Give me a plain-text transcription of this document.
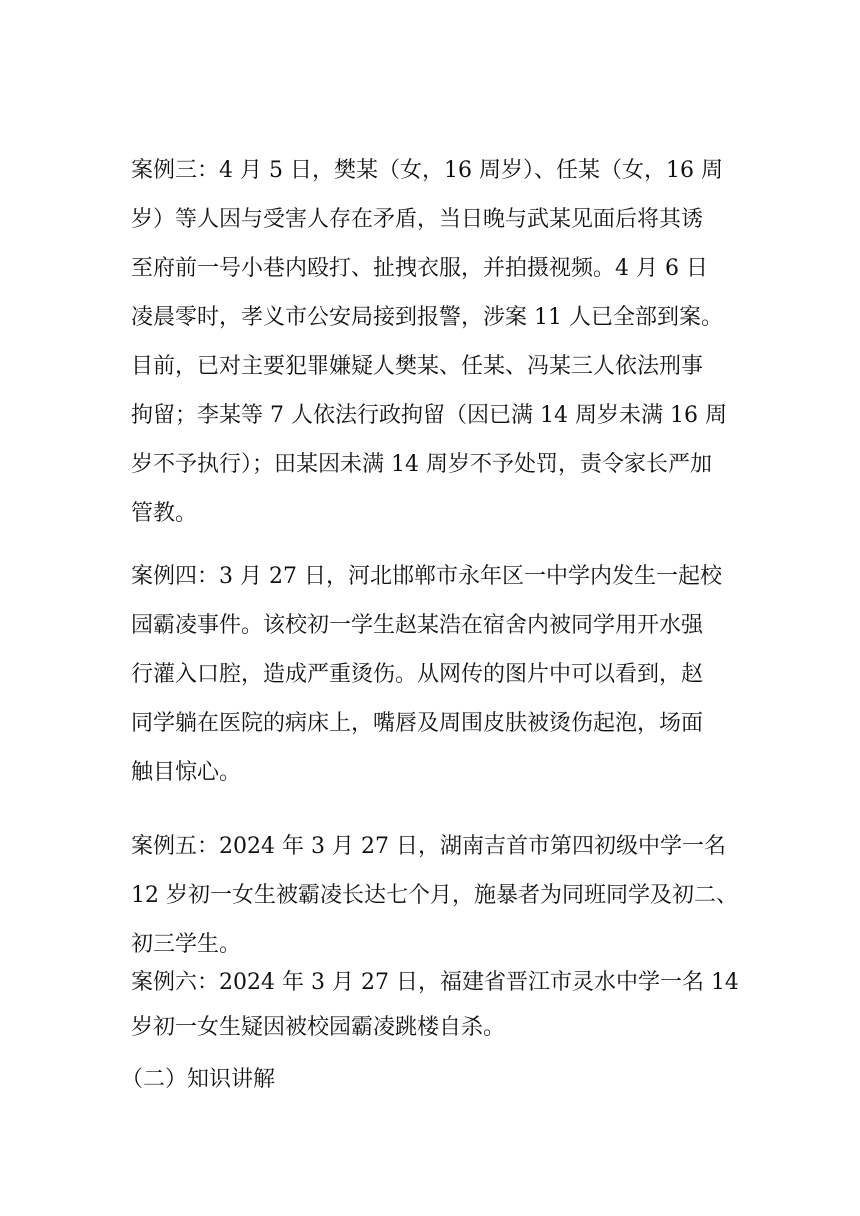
案例三：4 月 5 日，樊某（女，16 周岁）、任某（女，16 周
岁）等人因与受害人存在矛盾，当日晚与武某见面后将其诱
至府前一号小巷内殴打、扯拽衣服，并拍摄视频。4 月 6 日
凌晨零时，孝义市公安局接到报警，涉案 11 人已全部到案。
目前，已对主要犯罪嫌疑人樊某、任某、冯某三人依法刑事
拘留；李某等 7 人依法行政拘留（因已满 14 周岁未满 16 周
岁不予执行）；田某因未满 14 周岁不予处罚，责令家长严加
管教。
案例四：3 月 27 日，河北邯郸市永年区一中学内发生一起校
园霸凌事件。该校初一学生赵某浩在宿舍内被同学用开水强
行灌入口腔，造成严重烫伤。从网传的图片中可以看到，赵
同学躺在医院的病床上，嘴唇及周围皮肤被烫伤起泡，场面
触目惊心。
案例五：2024 年 3 月 27 日，湖南吉首市第四初级中学一名
12 岁初一女生被霸凌长达七个月，施暴者为同班同学及初二、
初三学生。
案例六：2024 年 3 月 27 日，福建省晋江市灵水中学一名 14
岁初一女生疑因被校园霸凌跳楼自杀。
（二）知识讲解
